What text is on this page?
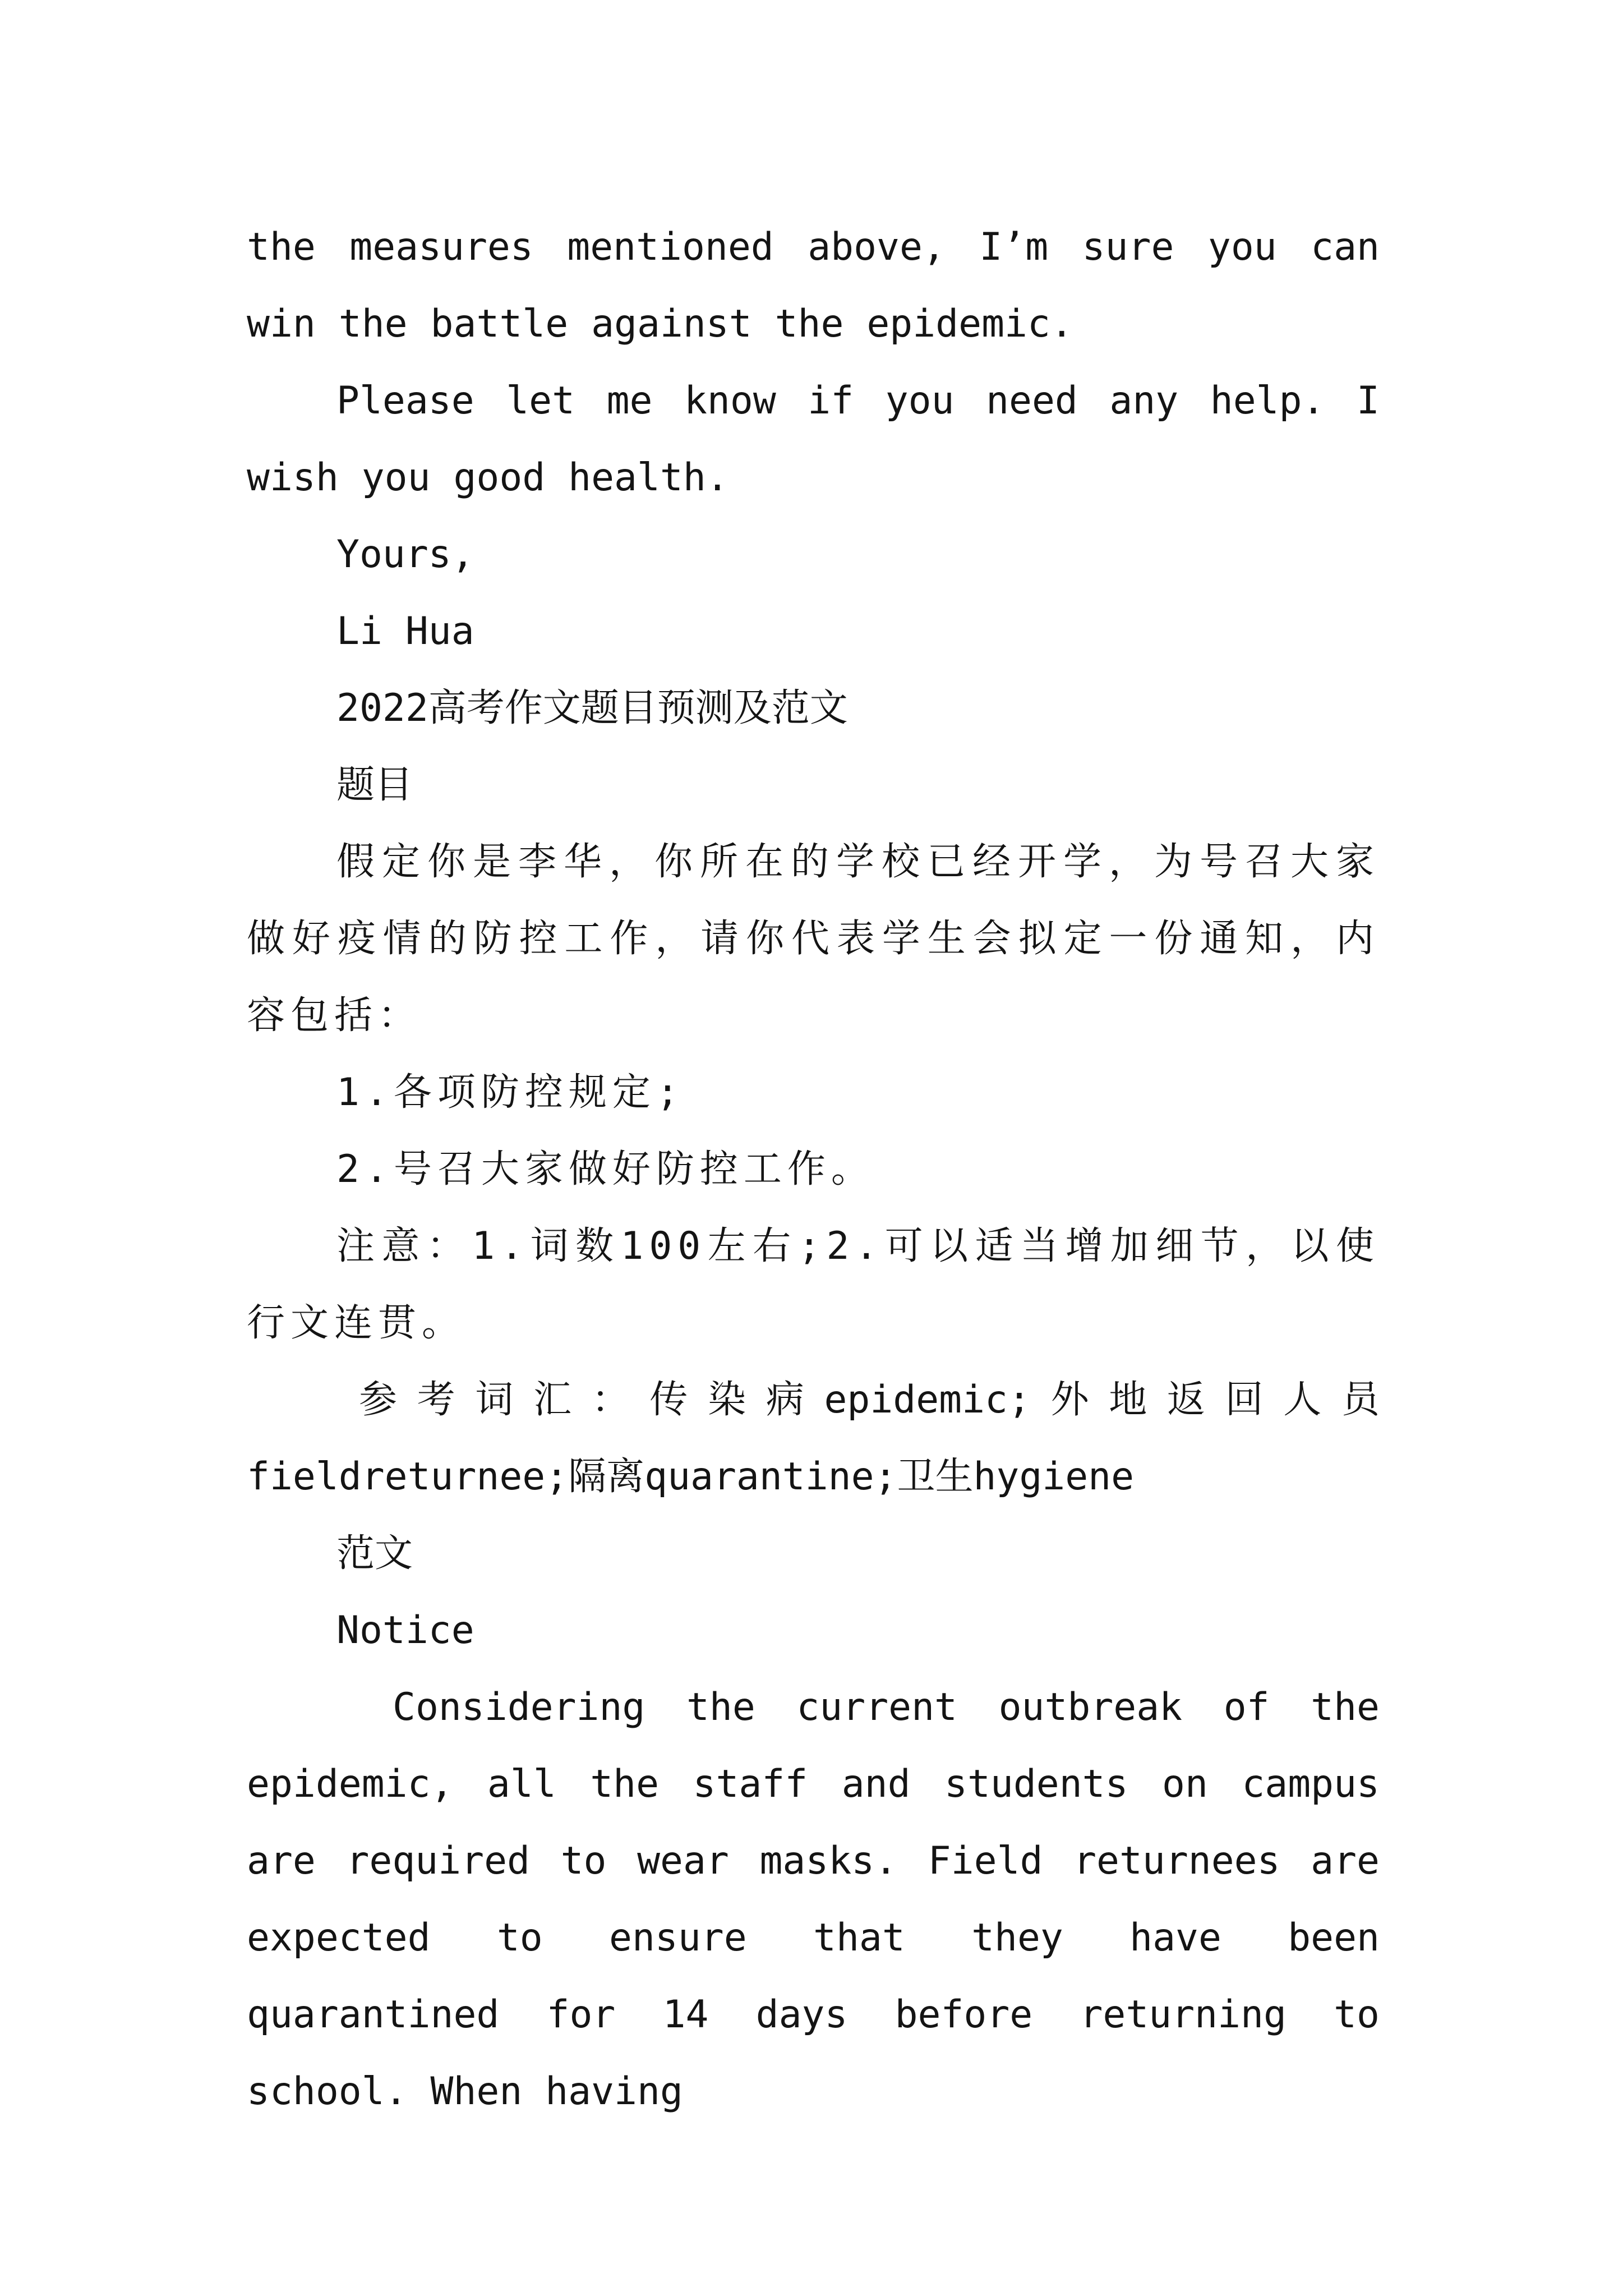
the measures mentioned above, I’m sure you can win the battle against the epidemic.

Please let me know if you need any help. I wish you good health.

Yours,

Li Hua

2022高考作文题目预测及范文

题目

假定你是李华，你所在的学校已经开学，为号召大家做好疫情的防控工作，请你代表学生会拟定一份通知，内容包括：

1.各项防控规定;

2.号召大家做好防控工作。

注意：1.词数100左右;2.可以适当增加细节，以使行文连贯。

参考词汇：传染病epidemic;外地返回人员fieldreturnee;隔离quarantine;卫生hygiene

范文

Notice

Considering the current outbreak of the epidemic, all the staff and students on campus are required to wear masks. Field returnees are expected to ensure that they have been quarantined for 14 days before returning to school. When having
